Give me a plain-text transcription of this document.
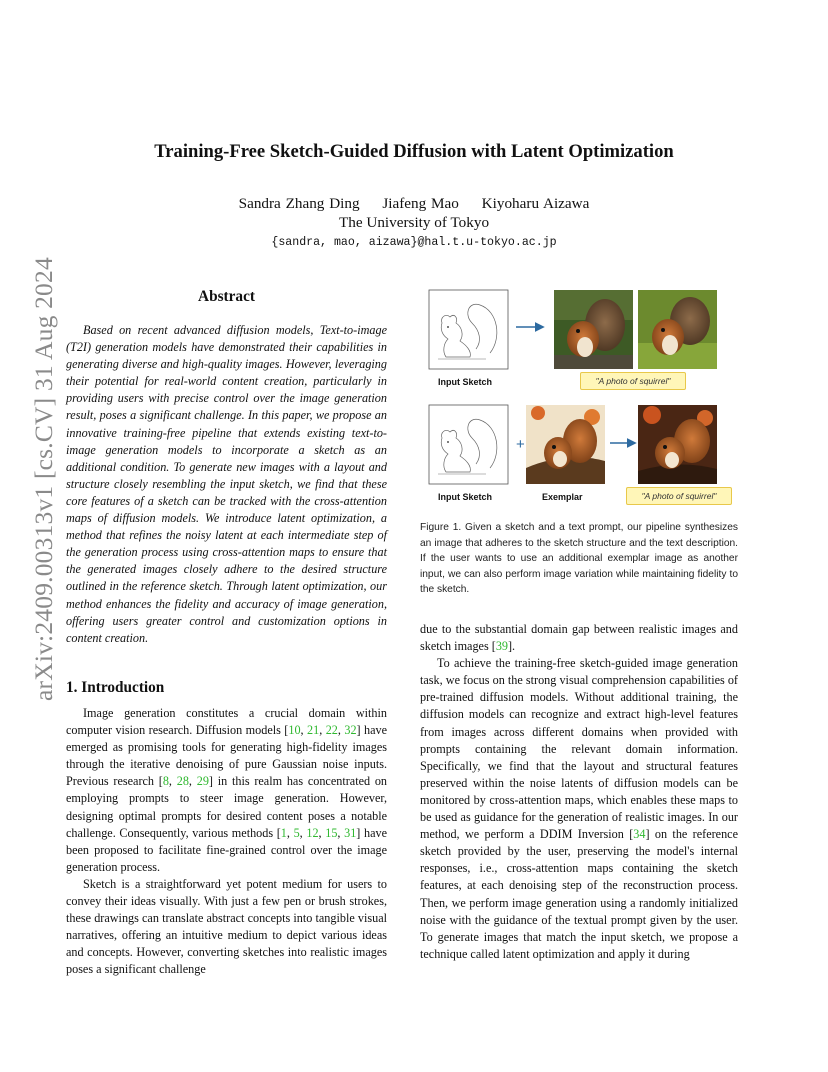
Training-Free Sketch-Guided Diffusion with Latent Optimization
Sandra Zhang Ding Jiafeng Mao Kiyoharu Aizawa
The University of Tokyo
{sandra, mao, aizawa}@hal.t.u-tokyo.ac.jp
arXiv:2409.00313v1 [cs.CV] 31 Aug 2024	Abstract
Based on recent advanced diffusion models, Text-to-image (T2I) generation models have demonstrated their capabilities in generating diverse and high-quality images. However, leveraging their potential for real-world content creation, particularly in providing users with precise control over the image generation result, poses a significant challenge. In this paper, we propose an innovative training-free pipeline that extends existing text-to-image generation models to incorporate a sketch as an additional condition. To generate new images with a layout and structure closely resembling the input sketch, we find that these core features of a sketch can be tracked with the cross-attention maps of diffusion models. We introduce latent optimization, a method that refines the noisy latent at each intermediate step of the generation process using cross-attention maps to ensure that the generated images closely adhere to the desired structure outlined in the reference sketch. Through latent optimization, our method enhances the fidelity and accuracy of image generation, offering users greater control and customization options in content creation.
1. Introduction

Image generation constitutes a crucial domain within computer vision research. Diffusion models [10, 21, 22, 32] have emerged as promising tools for generating high-fidelity images through the iterative denoising of pure Gaussian noise inputs. Previous research [8, 28, 29] in this realm has concentrated on employing prompts to steer image generation. However, designing optimal prompts for desired content poses a notable challenge. Consequently, various methods [1, 5, 12, 15, 31] have been proposed to facilitate fine-grained control over the image generation process.

Sketch is a straightforward yet potent medium for users to convey their ideas visually. With just a few pen or brush strokes, these drawings can translate abstract concepts into tangible visual narratives, offering an intuitive medium to depict various ideas and concepts. However, converting sketches into realistic images poses a significant challenge

+
Input Sketch	"A photo of squirrel"
Input Sketch	Exemplar	"A photo of squirrel"
Figure 1. Given a sketch and a text prompt, our pipeline synthesizes an image that adheres to the sketch structure and the text description. If the user wants to use an additional exemplar image as another input, we can also perform image variation while maintaining fidelity to the sketch.

due to the substantial domain gap between realistic images and sketch images [39].

To achieve the training-free sketch-guided image generation task, we focus on the strong visual comprehension capabilities of pre-trained diffusion models. Without additional training, the diffusion models can recognize and extract high-level features from images across different domains when provided with prompts containing the relevant domain information. Specifically, we find that the layout and structural features preserved within the noise latents of diffusion models can be monitored by cross-attention maps, which enables these maps to be used as guidance for the generation of realistic images. In our method, we perform a DDIM Inversion [34] on the reference sketch provided by the user, preserving the model's internal responses, i.e., cross-attention maps containing the sketch features, at each denoising step of the reconstruction process. Then, we perform image generation using a randomly initialized noise with the guidance of the textual prompt given by the user. To generate images that match the input sketch, we propose a technique called latent optimization and apply it during
